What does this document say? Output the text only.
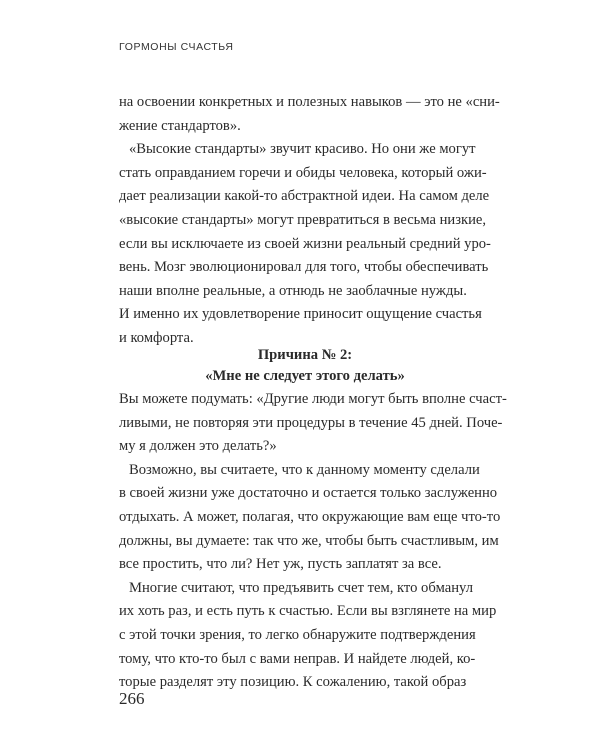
ГОРМОНЫ СЧАСТЬЯ
на освоении конкретных и полезных навыков — это не «сни-
жение стандартов».
«Высокие стандарты» звучит красиво. Но они же могут
стать оправданием горечи и обиды человека, который ожи-
дает реализации какой-то абстрактной идеи. На самом деле
«высокие стандарты» могут превратиться в весьма низкие,
если вы исключаете из своей жизни реальный средний уро-
вень. Мозг эволюционировал для того, чтобы обеспечивать
наши вполне реальные, а отнюдь не заоблачные нужды.
И именно их удовлетворение приносит ощущение счастья
и комфорта.
Причина № 2:
«Мне не следует этого делать»
Вы можете подумать: «Другие люди могут быть вполне счаст-
ливыми, не повторяя эти процедуры в течение 45 дней. Поче-
му я должен это делать?»
Возможно, вы считаете, что к данному моменту сделали
в своей жизни уже достаточно и остается только заслуженно
отдыхать. А может, полагая, что окружающие вам еще что-то
должны, вы думаете: так что же, чтобы быть счастливым, им
все простить, что ли? Нет уж, пусть заплатят за все.
Многие считают, что предъявить счет тем, кто обманул
их хоть раз, и есть путь к счастью. Если вы взглянете на мир
с этой точки зрения, то легко обнаружите подтверждения
тому, что кто-то был с вами неправ. И найдете людей, ко-
торые разделят эту позицию. К сожалению, такой образ
266
